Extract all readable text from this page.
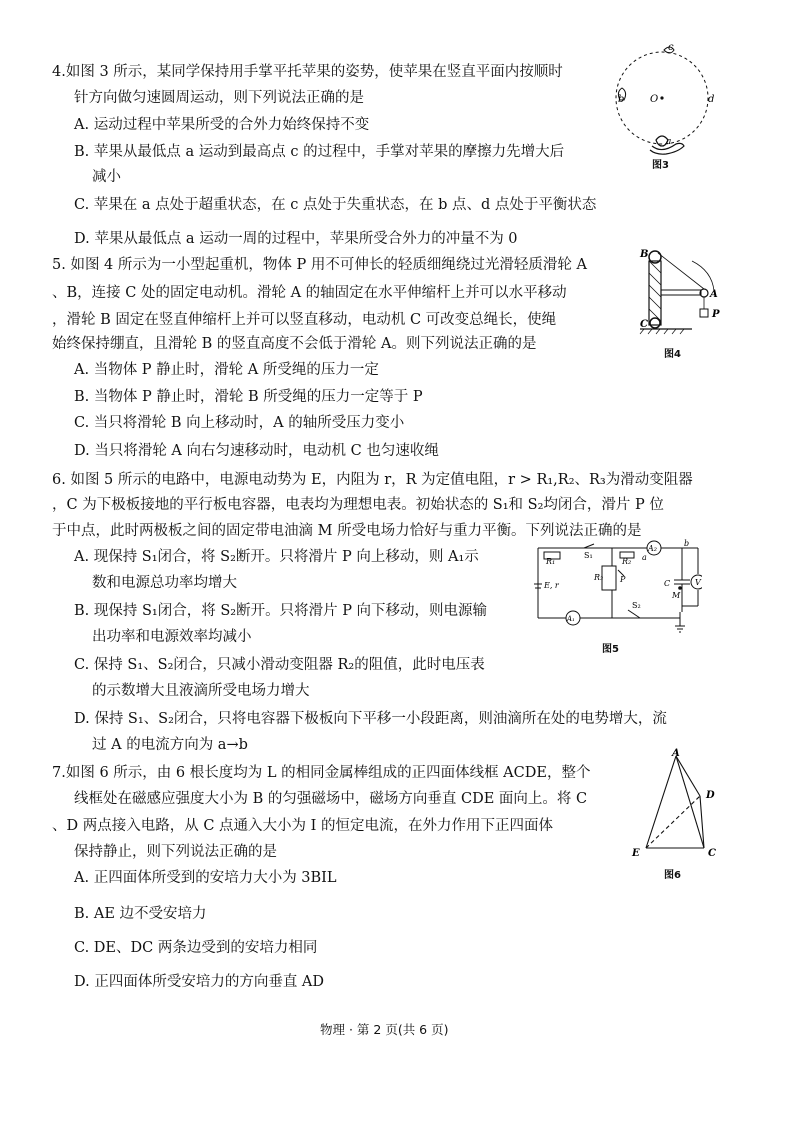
4.如图 3 所示，某同学保持用手掌平托苹果的姿势，使苹果在竖直平面内按顺时
针方向做匀速圆周运动，则下列说法正确的是
A. 运动过程中苹果所受的合外力始终保持不变
B. 苹果从最低点 a 运动到最高点 c 的过程中，手掌对苹果的摩擦力先增大后
减小
C. 苹果在 a 点处于超重状态，在 c 点处于失重状态，在 b 点、d 点处于平衡状态
D. 苹果从最低点 a 运动一周的过程中，苹果所受合外力的冲量不为 0
c
b	O	d
a
图3
5. 如图 4 所示为一小型起重机，物体 P 用不可伸长的轻质细绳绕过光滑轻质滑轮 A
、B，连接 C 处的固定电动机。滑轮 A 的轴固定在水平伸缩杆上并可以水平移动
，滑轮 B 固定在竖直伸缩杆上并可以竖直移动，电动机 C 可改变总绳长，使绳
始终保持绷直，且滑轮 B 的竖直高度不会低于滑轮 A。则下列说法正确的是
A. 当物体 P 静止时，滑轮 A 所受绳的压力一定
B. 当物体 P 静止时，滑轮 B 所受绳的压力一定等于 P
C. 当只将滑轮 B 向上移动时，A 的轴所受压力变小
D. 当只将滑轮 A 向右匀速移动时，电动机 C 也匀速收绳
B
A
C
P
图4
6. 如图 5 所示的电路中，电源电动势为 E，内阻为 r，R 为定值电阻，r > R₁,R₂、R₃为滑动变阻器
，C 为下极板接地的平行板电容器，电表均为理想电表。初始状态的 S₁和 S₂均闭合，滑片 P 位
于中点，此时两极板之间的固定带电油滴 M 所受电场力恰好与重力平衡。下列说法正确的是
A. 现保持 S₁闭合，将 S₂断开。只将滑片 P 向上移动，则 A₁示
数和电源总功率均增大
B. 现保持 S₁闭合，将 S₂断开。只将滑片 P 向下移动，则电源输
出功率和电源效率均减小
C. 保持 S₁、S₂闭合，只减小滑动变阻器 R₂的阻值，此时电压表
的示数增大且液滴所受电场力增大
D. 保持 S₁、S₂闭合，只将电容器下极板向下平移一小段距离，则油滴所在处的电势增大，流
过 A 的电流方向为 a→b
R₁
S₁
R₂
A₂
E, r
R₃ P	C	V
M
A₁
S₂
a
b
图5
7.如图 6 所示，由 6 根长度均为 L 的相同金属棒组成的正四面体线框 ACDE，整个
线框处在磁感应强度大小为 B 的匀强磁场中，磁场方向垂直 CDE 面向上。将 C
、D 两点接入电路，从 C 点通入大小为 I 的恒定电流，在外力作用下正四面体
保持静止，则下列说法正确的是
A. 正四面体所受到的安培力大小为 3BIL
B. AE 边不受安培力
C. DE、DC 两条边受到的安培力相同
D. 正四面体所受安培力的方向垂直 AD
A
D
E	C
图6
物理 · 第 2 页(共 6 页)
